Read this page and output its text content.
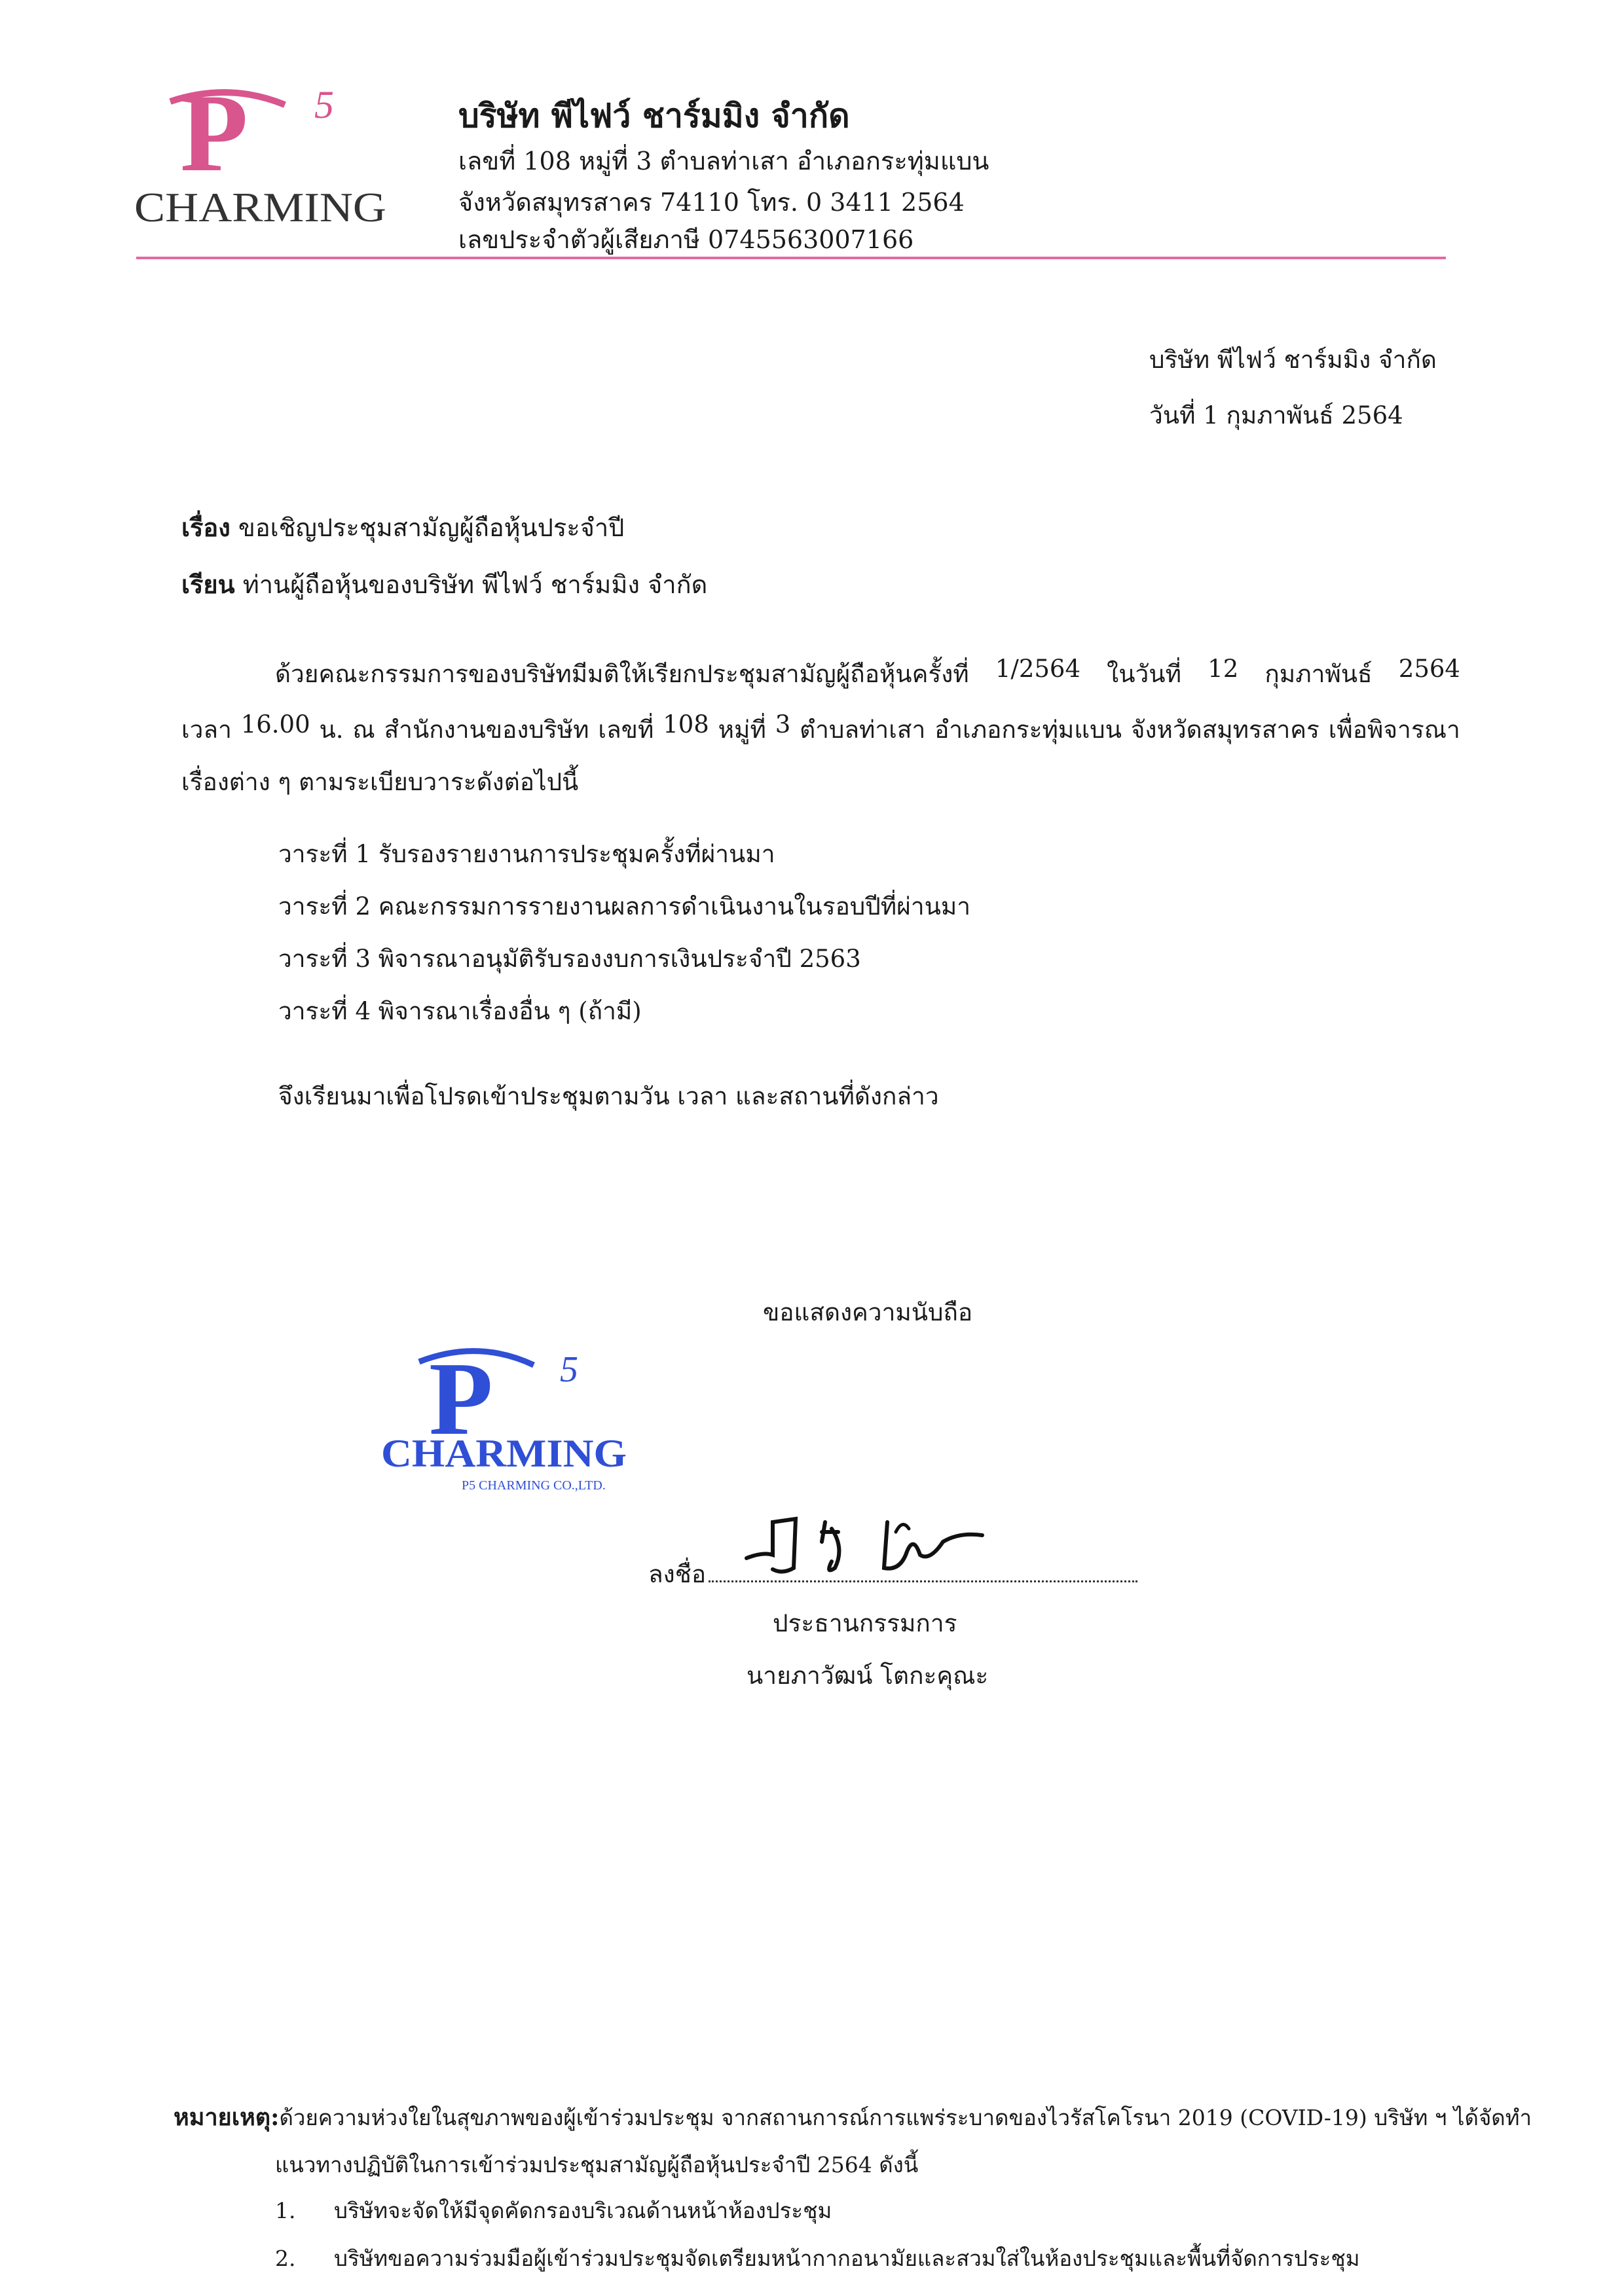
P 5
CHARMING
บริษัท พีไฟว์ ชาร์มมิง จำกัด
เลขที่ 108 หมู่ที่ 3 ตำบลท่าเสา อำเภอกระทุ่มแบน
จังหวัดสมุทรสาคร 74110 โทร. 0 3411 2564
เลขประจำตัวผู้เสียภาษี 0745563007166
บริษัท พีไฟว์ ชาร์มมิง จำกัด
วันที่ 1 กุมภาพันธ์ 2564
เรื่อง ขอเชิญประชุมสามัญผู้ถือหุ้นประจำปี
เรียน ท่านผู้ถือหุ้นของบริษัท พีไฟว์ ชาร์มมิง จำกัด
ด้วยคณะกรรมการของบริษัทมีมติให้เรียกประชุมสามัญผู้ถือหุ้นครั้งที่ 1/2564 ในวันที่ 12 กุมภาพันธ์ 2564
เวลา 16.00 น. ณ สำนักงานของบริษัท เลขที่ 108 หมู่ที่ 3 ตำบลท่าเสา อำเภอกระทุ่มแบน จังหวัดสมุทรสาคร เพื่อพิจารณา
เรื่องต่าง ๆ ตามระเบียบวาระดังต่อไปนี้
วาระที่ 1 รับรองรายงานการประชุมครั้งที่ผ่านมา
วาระที่ 2 คณะกรรมการรายงานผลการดำเนินงานในรอบปีที่ผ่านมา
วาระที่ 3 พิจารณาอนุมัติรับรองงบการเงินประจำปี 2563
วาระที่ 4 พิจารณาเรื่องอื่น ๆ (ถ้ามี)
จึงเรียนมาเพื่อโปรดเข้าประชุมตามวัน เวลา และสถานที่ดังกล่าว
ขอแสดงความนับถือ
P 5
CHARMING
P5 CHARMING CO.,LTD.
ลงชื่อ
ประธานกรรมการ
นายภาวัฒน์ โตกะคุณะ
หมายเหตุ:ด้วยความห่วงใยในสุขภาพของผู้เข้าร่วมประชุม จากสถานการณ์การแพร่ระบาดของไวรัสโคโรนา 2019 (COVID-19) บริษัท ฯ ได้จัดทำ
แนวทางปฏิบัติในการเข้าร่วมประชุมสามัญผู้ถือหุ้นประจำปี 2564 ดังนี้
1. บริษัทจะจัดให้มีจุดคัดกรองบริเวณด้านหน้าห้องประชุม
2. บริษัทขอความร่วมมือผู้เข้าร่วมประชุมจัดเตรียมหน้ากากอนามัยและสวมใส่ในห้องประชุมและพื้นที่จัดการประชุม
